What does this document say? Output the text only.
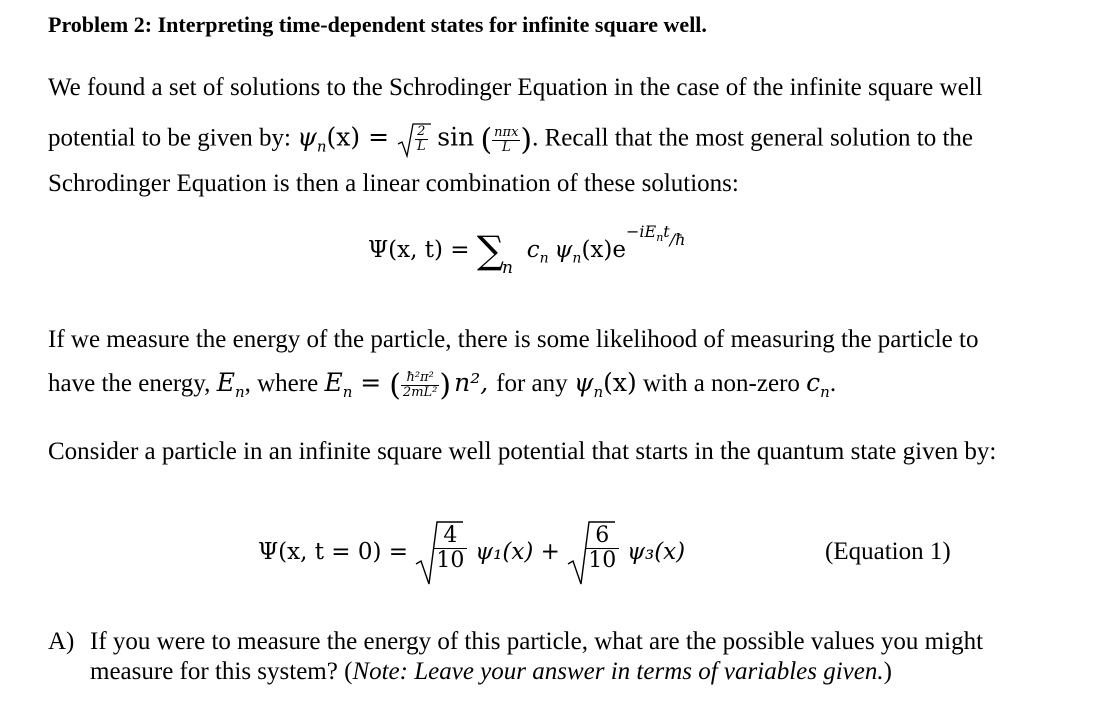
Problem 2: Interpreting time-dependent states for infinite square well.
We found a set of solutions to the Schrodinger Equation in the case of the infinite square well
potential to be given by: $\psi_n(x) = \frac{2}{L}$ sin ( $\frac{\text{nπx}}{L}$ ). Recall that the most general solution to the
Schrodinger Equation is then a linear combination of these solutions:
Ψ(x, $t) = \sum_n$ $c_n$ $\psi_n(x)e^{-iE_nt/ħ}$
If we measure the energy of the particle, there is some likelihood of measuring the particle to
have the energy, $E_n$, where $E_n$ = ( $\frac{\text{ħ²π²}}{\text{2mL²}}$ ) n², for any $\psi_n(x)$ with a non-zero $c_n$.
Consider a particle in an infinite square well potential that starts in the quantum state given by:
Ψ(x, $t = 0) = \frac{4}{10} \psi_1(x) + \frac{6}{10} \psi_3(x)$	(Equation 1)
A) If you were to measure the energy of this particle, what are the possible values you might
measure for this system? (Note: Leave your answer in terms of variables given.)
